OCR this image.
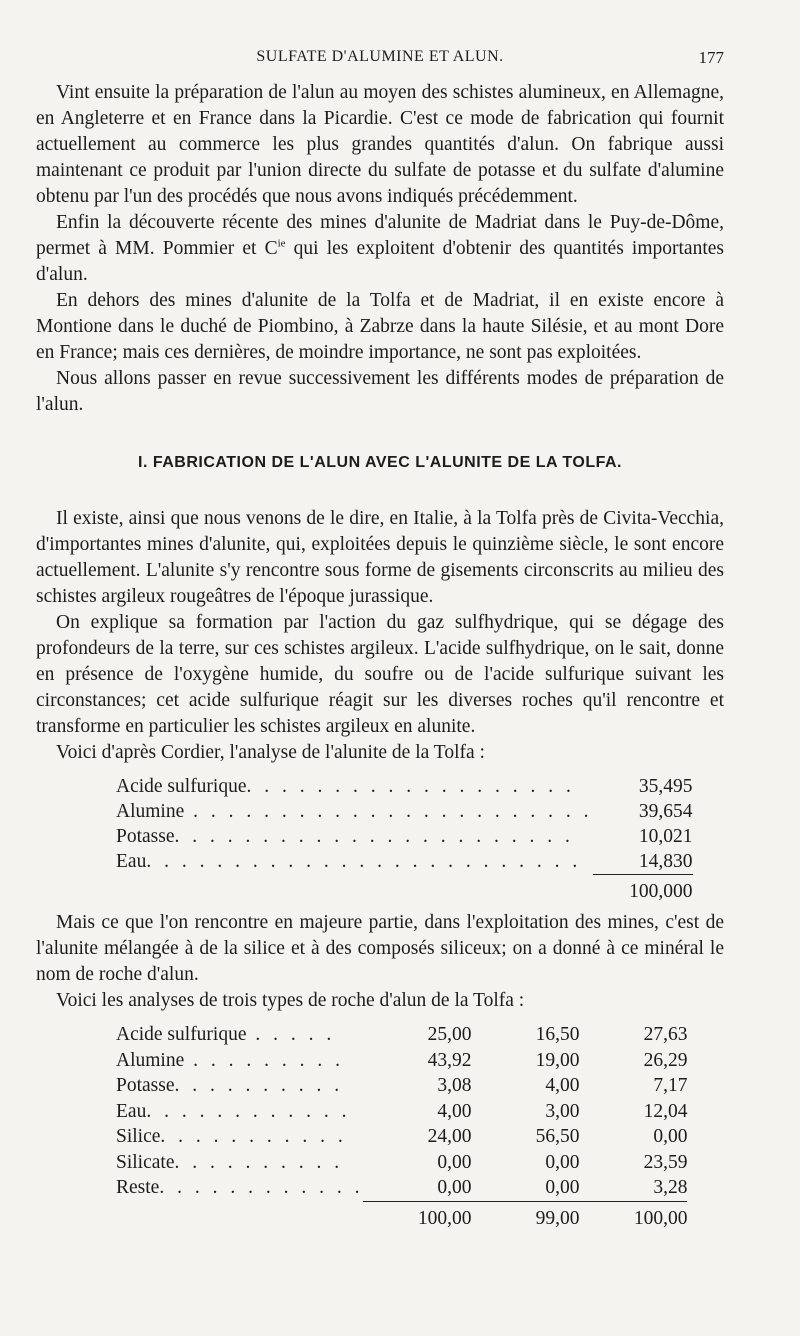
SULFATE D'ALUMINE ET ALUN.	177

Vint ensuite la préparation de l'alun au moyen des schistes alumineux, en Allemagne, en Angleterre et en France dans la Picardie. C'est ce mode de fabrication qui fournit actuellement au commerce les plus grandes quantités d'alun. On fabrique aussi maintenant ce produit par l'union directe du sulfate de potasse et du sulfate d'alumine obtenu par l'un des procédés que nous avons indiqués précédemment.

Enfin la découverte récente des mines d'alunite de Madriat dans le Puy-de-Dôme, permet à MM. Pommier et $C^{ie}$ qui les exploitent d'obtenir des quantités importantes d'alun.

En dehors des mines d'alunite de la Tolfa et de Madriat, il en existe encore à Montione dans le duché de Piombino, à Zabrze dans la haute Silésie, et au mont Dore en France; mais ces dernières, de moindre importance, ne sont pas exploitées.

Nous allons passer en revue successivement les différents modes de préparation de l'alun.

I. FABRICATION DE L'ALUN AVEC L'ALUNITE DE LA TOLFA.

Il existe, ainsi que nous venons de le dire, en Italie, à la Tolfa près de Civita-Vecchia, d'importantes mines d'alunite, qui, exploitées depuis le quinzième siècle, le sont encore actuellement. L'alunite s'y rencontre sous forme de gisements circonscrits au milieu des schistes argileux rougeâtres de l'époque jurassique.

On explique sa formation par l'action du gaz sulfhydrique, qui se dégage des profondeurs de la terre, sur ces schistes argileux. L'acide sulfhydrique, on le sait, donne en présence de l'oxygène humide, du soufre ou de l'acide sulfurique suivant les circonstances; cet acide sulfurique réagit sur les diverses roches qu'il rencontre et transforme en particulier les schistes argileux en alunite.

Voici d'après Cordier, l'analyse de l'alunite de la Tolfa :

Acide sulfurique. . . . . . . . . . . . . . . . . . .	35,495
Alumine . . . . . . . . . . . . . . . . . . . . . . .	39,654
Potasse. . . . . . . . . . . . . . . . . . . . . . .	10,021
Eau. . . . . . . . . . . . . . . . . . . . . . . . .	14,830
	100,000

Mais ce que l'on rencontre en majeure partie, dans l'exploitation des mines, c'est de l'alunite mélangée à de la silice et à des composés siliceux; on a donné à ce minéral le nom de roche d'alun.

Voici les analyses de trois types de roche d'alun de la Tolfa :

Acide sulfurique . . . . .	25,00	16,50	27,63
Alumine . . . . . . . . .	43,92	19,00	26,29
Potasse. . . . . . . . . .	3,08	4,00	7,17
Eau. . . . . . . . . . . .	4,00	3,00	12,04
Silice. . . . . . . . . . .	24,00	56,50	0,00
Silicate. . . . . . . . . .	0,00	0,00	23,59
Reste. . . . . . . . . . . .	0,00	0,00	3,28
	100,00	99,00	100,00
